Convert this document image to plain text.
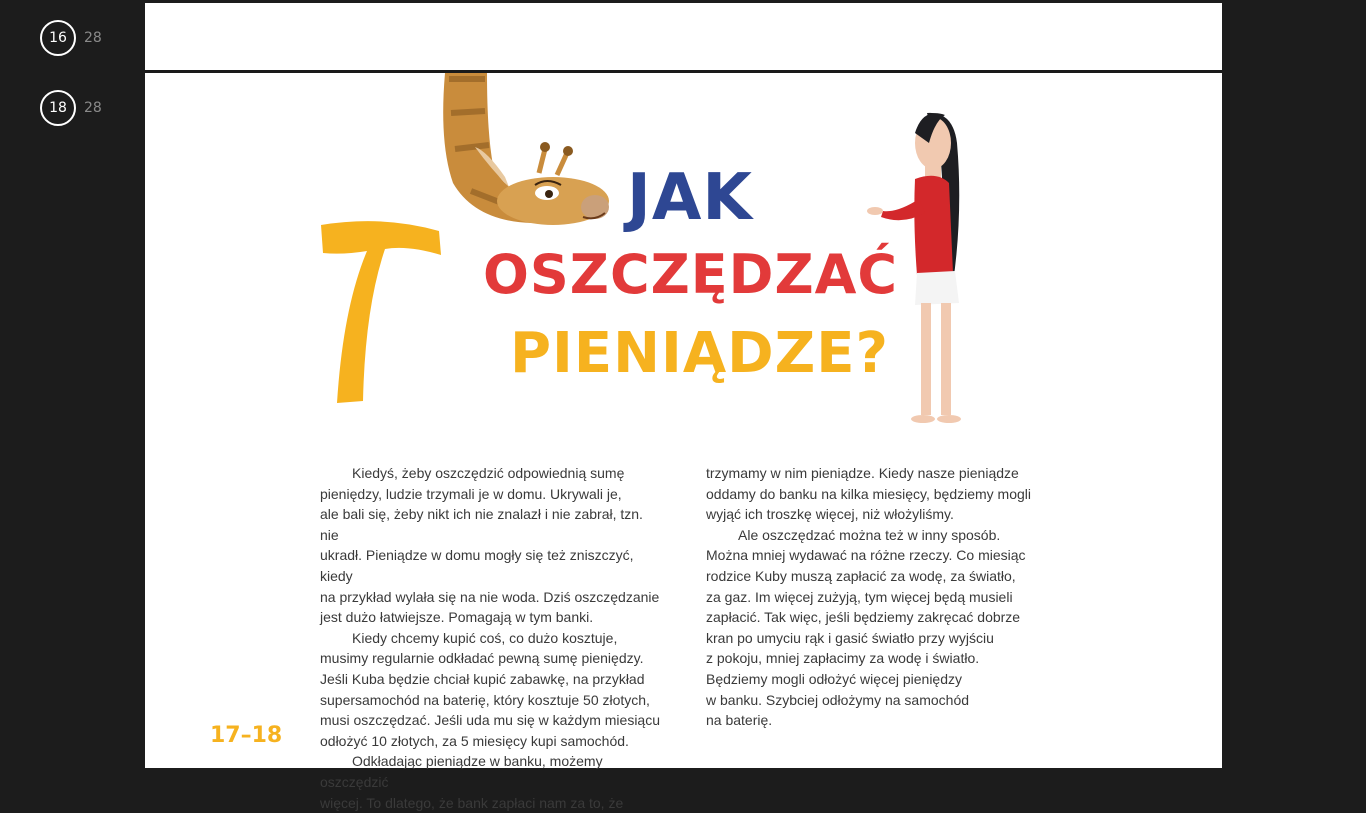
16	28
18	28
7	JAK
OSZCZĘDZAĆ
PIENIĄDZE?

Kiedyś, żeby oszczędzić odpowiednią sumę

pieniędzy, ludzie trzymali je w domu. Ukrywali je,

ale bali się, żeby nikt ich nie znalazł i nie zabrał, tzn. nie

ukradł. Pieniądze w domu mogły się też zniszczyć, kiedy

na przykład wylała się na nie woda. Dziś oszczędzanie

jest dużo łatwiejsze. Pomagają w tym banki.

Kiedy chcemy kupić coś, co dużo kosztuje,

musimy regularnie odkładać pewną sumę pieniędzy.

Jeśli Kuba będzie chciał kupić zabawkę, na przykład

supersamochód na baterię, który kosztuje 50 złotych,

musi oszczędzać. Jeśli uda mu się w każdym miesiącu

odłożyć 10 złotych, za 5 miesięcy kupi samochód.

Odkładając pieniądze w banku, możemy oszczędzić

więcej. To dlatego, że bank zapłaci nam za to, że

trzymamy w nim pieniądze. Kiedy nasze pieniądze

oddamy do banku na kilka miesięcy, będziemy mogli

wyjąć ich troszkę więcej, niż włożyliśmy.

Ale oszczędzać można też w inny sposób.

Można mniej wydawać na różne rzeczy. Co miesiąc

rodzice Kuby muszą zapłacić za wodę, za światło,

za gaz. Im więcej zużyją, tym więcej będą musieli

zapłacić. Tak więc, jeśli będziemy zakręcać dobrze

kran po umyciu rąk i gasić światło przy wyjściu

z pokoju, mniej zapłacimy za wodę i światło.

Będziemy mogli odłożyć więcej pieniędzy

w banku. Szybciej odłożymy na samochód

na baterię.

17–18
